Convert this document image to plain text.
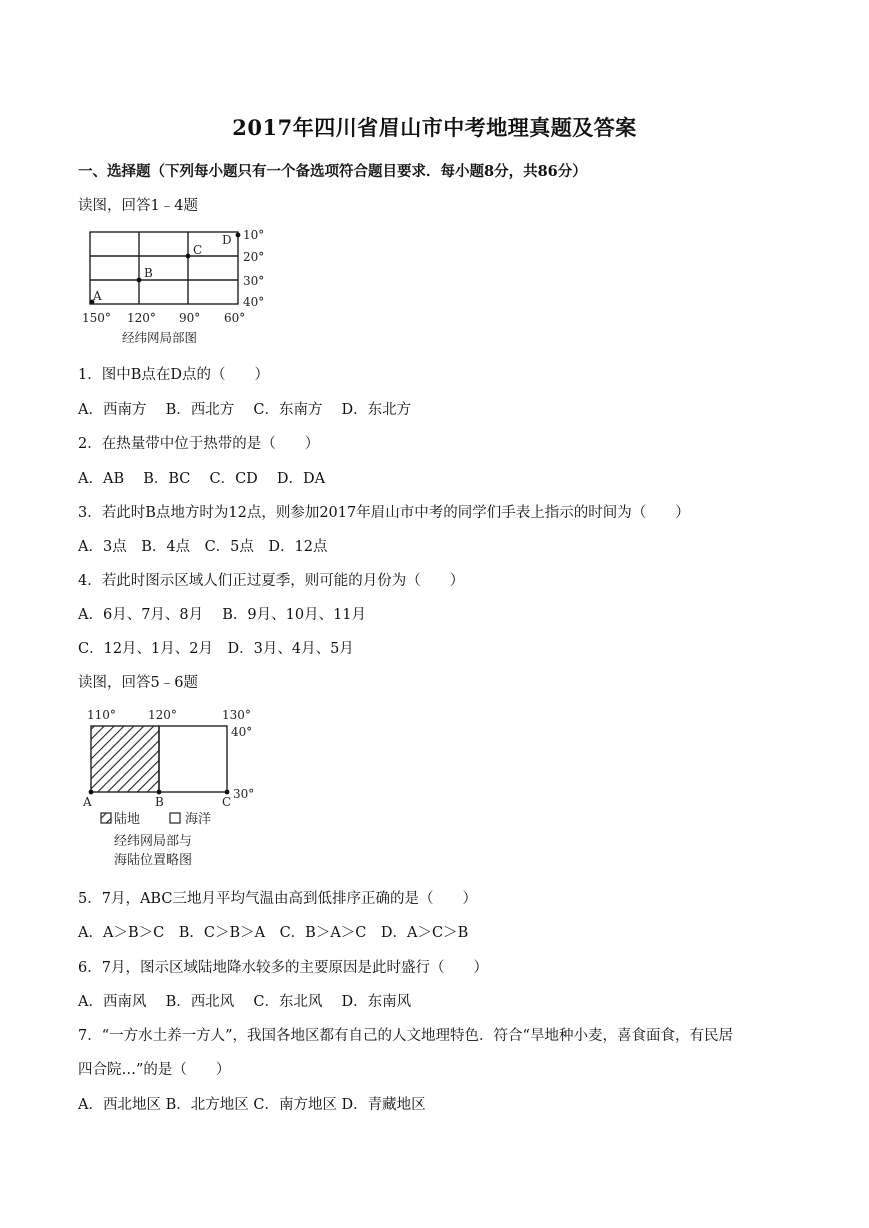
2017年四川省眉山市中考地理真题及答案
一、选择题（下列每小题只有一个备选项符合题目要求．每小题8分，共86分）
读图，回答1﹣4题
A
B
C
D 10°
20°
30°
40°
150° 120° 90° 60°
经纬网局部图
1．图中B点在D点的（　　）
A．西南方　 B．西北方　 C．东南方　 D．东北方
2．在热量带中位于热带的是（　　）
A．AB　 B．BC　 C．CD　 D．DA
3．若此时B点地方时为12点，则参加2017年眉山市中考的同学们手表上指示的时间为（　　）
A．3点　B．4点　C．5点　D．12点
4．若此时图示区域人们正过夏季，则可能的月份为（　　）
A．6月、7月、8月　 B．9月、10月、11月
C．12月、1月、2月　D．3月、4月、5月
读图，回答5﹣6题
110°	120°	130°
40°
30°
A	B	C
陆地	海洋
经纬网局部与
海陆位置略图
5．7月，ABC三地月平均气温由高到低排序正确的是（　　）
A．A＞B＞C　B．C＞B＞A　C．B＞A＞C　D．A＞C＞B
6．7月，图示区域陆地降水较多的主要原因是此时盛行（　　）
A．西南风　 B．西北风　 C．东北风　 D．东南风
7．“一方水土养一方人”，我国各地区都有自己的人文地理特色．符合“旱地种小麦，喜食面食，有民居
四合院…”的是（　　）
A．西北地区 B．北方地区 C．南方地区 D．青藏地区
